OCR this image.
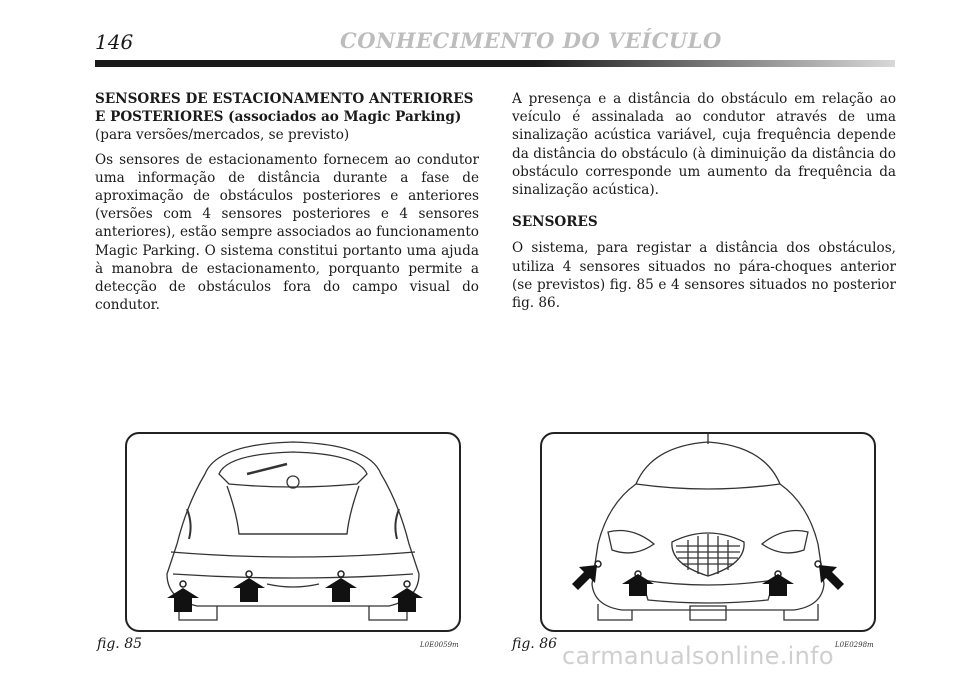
146	CONHECIMENTO DO VEÍCULO

SENSORES DE ESTACIONAMENTO ANTERIORES
E POSTERIORES (associados ao Magic Parking)

(para versões/mercados, se previsto)

Os sensores de estacionamento fornecem ao condutor uma informação de distância durante a fase de aproximação de obstáculos posteriores e anteriores (versões com 4 sensores posteriores e 4 sensores anteriores), estão sempre associados ao funcionamento Magic Parking. O sistema constitui portanto uma ajuda à manobra de estacionamento, porquanto permite a detecção de obstáculos fora do campo visual do condutor.

A presença e a distância do obstáculo em relação ao veículo é assinalada ao condutor através de uma sinalização acústica variável, cuja frequência depende da distância do obstáculo (à diminuição da distância do obstáculo corresponde um aumento da frequência da sinalização acústica).

SENSORES

O sistema, para registar a distância dos obstáculos, utiliza 4 sensores situados no pára-choques anterior (se previstos) fig. 85 e 4 sensores situados no posterior fig. 86.

fig. 85	L0E0059m	fig. 86	L0E0298m
carmanualsonline.info
